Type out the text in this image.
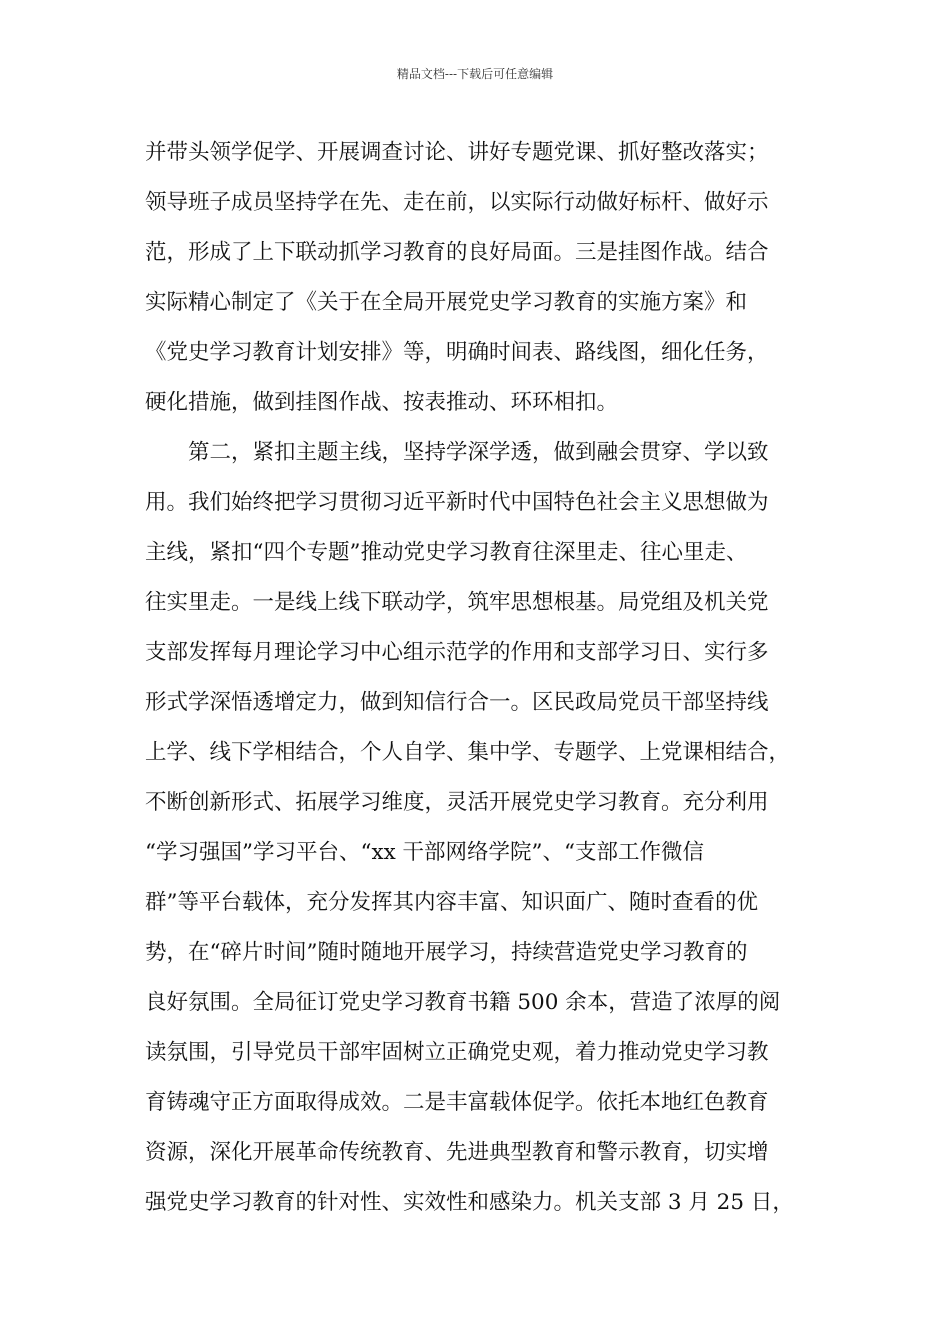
精品文档---下载后可任意编辑
并带头领学促学、开展调查讨论、讲好专题党课、抓好整改落实；
领导班子成员坚持学在先、走在前，以实际行动做好标杆、做好示
范，形成了上下联动抓学习教育的良好局面。三是挂图作战。结合
实际精心制定了《关于在全局开展党史学习教育的实施方案》和
《党史学习教育计划安排》等，明确时间表、路线图，细化任务，
硬化措施，做到挂图作战、按表推动、环环相扣。
第二，紧扣主题主线，坚持学深学透，做到融会贯穿、学以致
用。我们始终把学习贯彻习近平新时代中国特色社会主义思想做为
主线，紧扣“四个专题”推动党史学习教育往深里走、往心里走、
往实里走。一是线上线下联动学，筑牢思想根基。局党组及机关党
支部发挥每月理论学习中心组示范学的作用和支部学习日、实行多
形式学深悟透增定力，做到知信行合一。区民政局党员干部坚持线
上学、线下学相结合，个人自学、集中学、专题学、上党课相结合，
不断创新形式、拓展学习维度，灵活开展党史学习教育。充分利用
“学习强国”学习平台、“xx 干部网络学院”、“支部工作微信
群”等平台载体，充分发挥其内容丰富、知识面广、随时查看的优
势，在“碎片时间”随时随地开展学习，持续营造党史学习教育的
良好氛围。全局征订党史学习教育书籍 500 余本，营造了浓厚的阅
读氛围，引导党员干部牢固树立正确党史观，着力推动党史学习教
育铸魂守正方面取得成效。二是丰富载体促学。依托本地红色教育
资源，深化开展革命传统教育、先进典型教育和警示教育，切实增
强党史学习教育的针对性、实效性和感染力。机关支部 3 月 25 日，
